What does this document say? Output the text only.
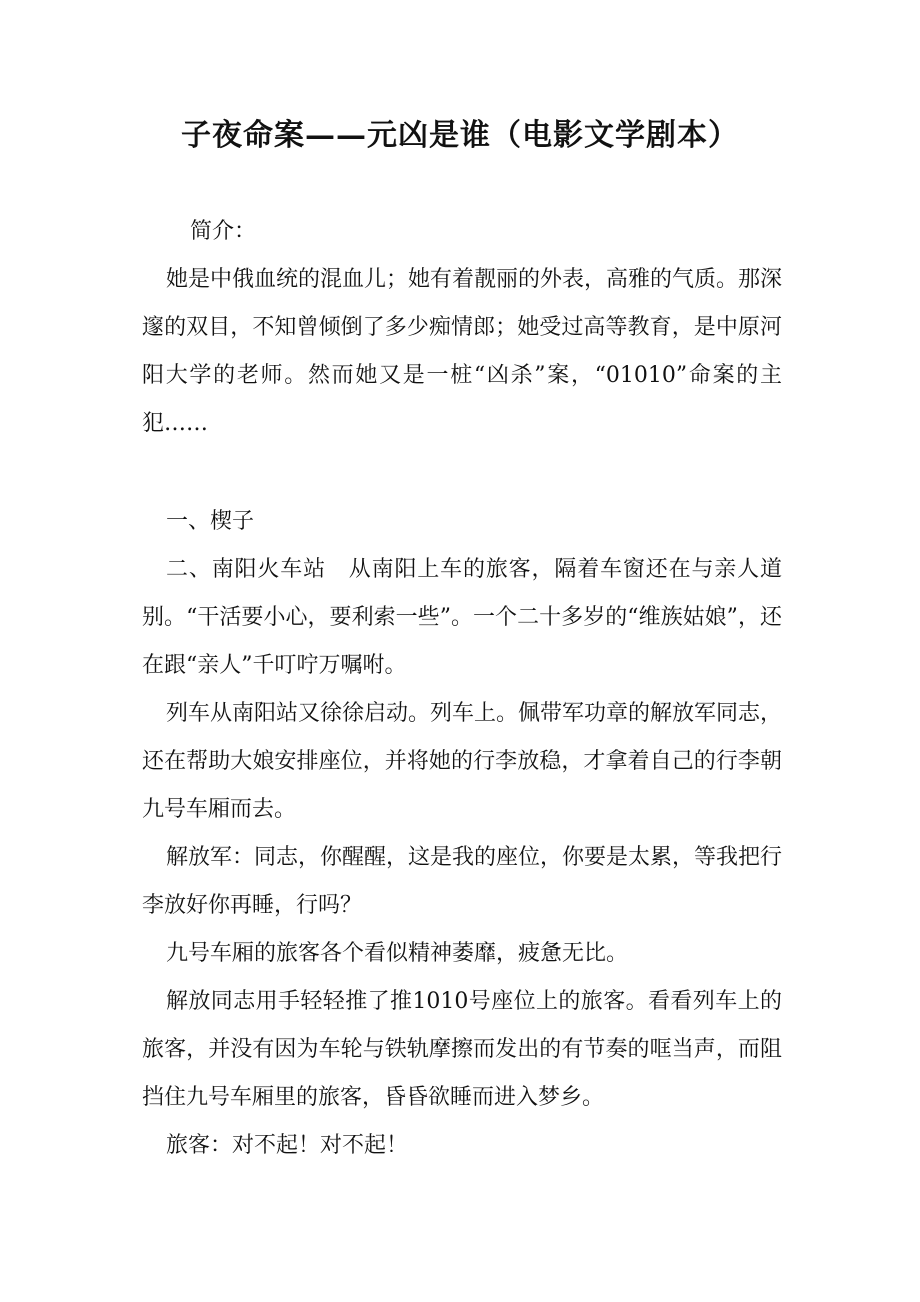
子夜命案——元凶是谁（电影文学剧本）
简介：

她是中俄血统的混血儿；她有着靓丽的外表，高雅的气质。那深邃的双目，不知曾倾倒了多少痴情郎；她受过高等教育，是中原河阳大学的老师。然而她又是一桩“凶杀”案，“01010”命案的主犯……

一、楔子

二、南阳火车站　从南阳上车的旅客，隔着车窗还在与亲人道别。“干活要小心，要利索一些”。一个二十多岁的“维族姑娘”，还在跟“亲人”千叮咛万嘱咐。

列车从南阳站又徐徐启动。列车上。佩带军功章的解放军同志，还在帮助大娘安排座位，并将她的行李放稳，才拿着自己的行李朝九号车厢而去。

解放军：同志，你醒醒，这是我的座位，你要是太累，等我把行李放好你再睡，行吗？

九号车厢的旅客各个看似精神萎靡，疲惫无比。

解放同志用手轻轻推了推1010号座位上的旅客。看看列车上的旅客，并没有因为车轮与铁轨摩擦而发出的有节奏的哐当声，而阻挡住九号车厢里的旅客，昏昏欲睡而进入梦乡。

旅客：对不起！对不起！
